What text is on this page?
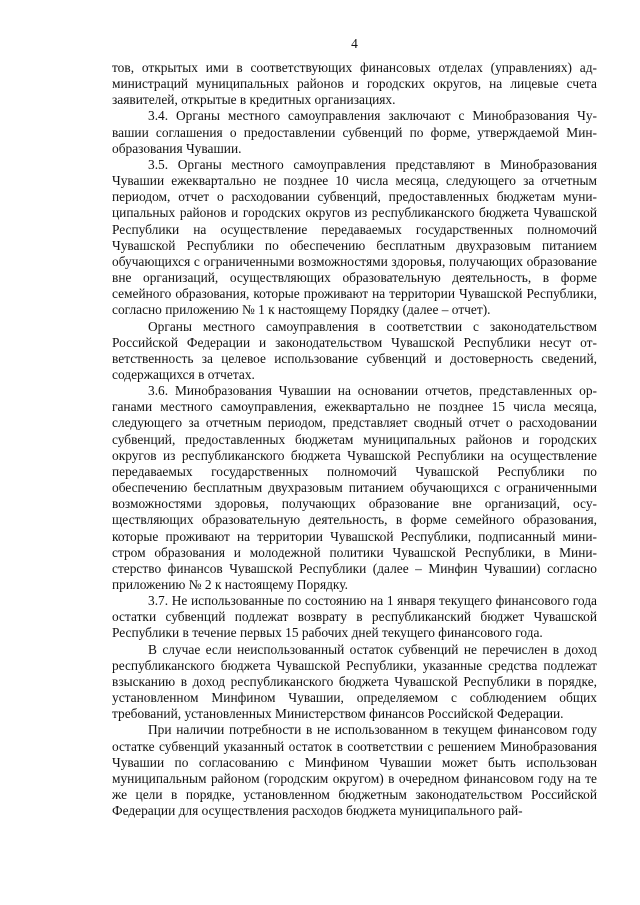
4

тов, открытых ими в соответствующих финансовых отделах (управлениях) администраций муниципальных районов и городских округов, на лицевые счета заявителей, открытые в кредитных организациях.

3.4. Органы местного самоуправления заключают с Минобразования Чувашии соглашения о предоставлении субвенций по форме, утверждаемой Минобразования Чувашии.

3.5. Органы местного самоуправления представляют в Минобразования Чувашии ежеквартально не позднее 10 числа месяца, следующего за отчетным периодом, отчет о расходовании субвенций, предоставленных бюджетам муниципальных районов и городских округов из республиканского бюджета Чувашской Республики на осуществление передаваемых государственных полномочий Чувашской Республики по обеспечению бесплатным двухразовым питанием обучающихся с ограниченными возможностями здоровья, получающих образование вне организаций, осуществляющих образовательную деятельность, в форме семейного образования, которые проживают на территории Чувашской Республики, согласно приложению № 1 к настоящему Порядку (далее – отчет).

Органы местного самоуправления в соответствии с законодательством Российской Федерации и законодательством Чувашской Республики несут ответственность за целевое использование субвенций и достоверность сведений, содержащихся в отчетах.

3.6. Минобразования Чувашии на основании отчетов, представленных органами местного самоуправления, ежеквартально не позднее 15 числа месяца, следующего за отчетным периодом, представляет сводный отчет о расходовании субвенций, предоставленных бюджетам муниципальных районов и городских округов из республиканского бюджета Чувашской Республики на осуществление передаваемых государственных полномочий Чувашской Республики по обеспечению бесплатным двухразовым питанием обучающихся с ограниченными возможностями здоровья, получающих образование вне организаций, осуществляющих образовательную деятельность, в форме семейного образования, которые проживают на территории Чувашской Республики, подписанный министром образования и молодежной политики Чувашской Республики, в Министерство финансов Чувашской Республики (далее – Минфин Чувашии) согласно приложению № 2 к настоящему Порядку.

3.7. Не использованные по состоянию на 1 января текущего финансового года остатки субвенций подлежат возврату в республиканский бюджет Чувашской Республики в течение первых 15 рабочих дней текущего финансового года.

В случае если неиспользованный остаток субвенций не перечислен в доход республиканского бюджета Чувашской Республики, указанные средства подлежат взысканию в доход республиканского бюджета Чувашской Республики в порядке, установленном Минфином Чувашии, определяемом с соблюдением общих требований, установленных Министерством финансов Российской Федерации.

При наличии потребности в не использованном в текущем финансовом году остатке субвенций указанный остаток в соответствии с решением Минобразования Чувашии по согласованию с Минфином Чувашии может быть использован муниципальным районом (городским округом) в очередном финансовом году на те же цели в порядке, установленном бюджетным законодательством Российской Федерации для осуществления расходов бюджета муниципального рай-
